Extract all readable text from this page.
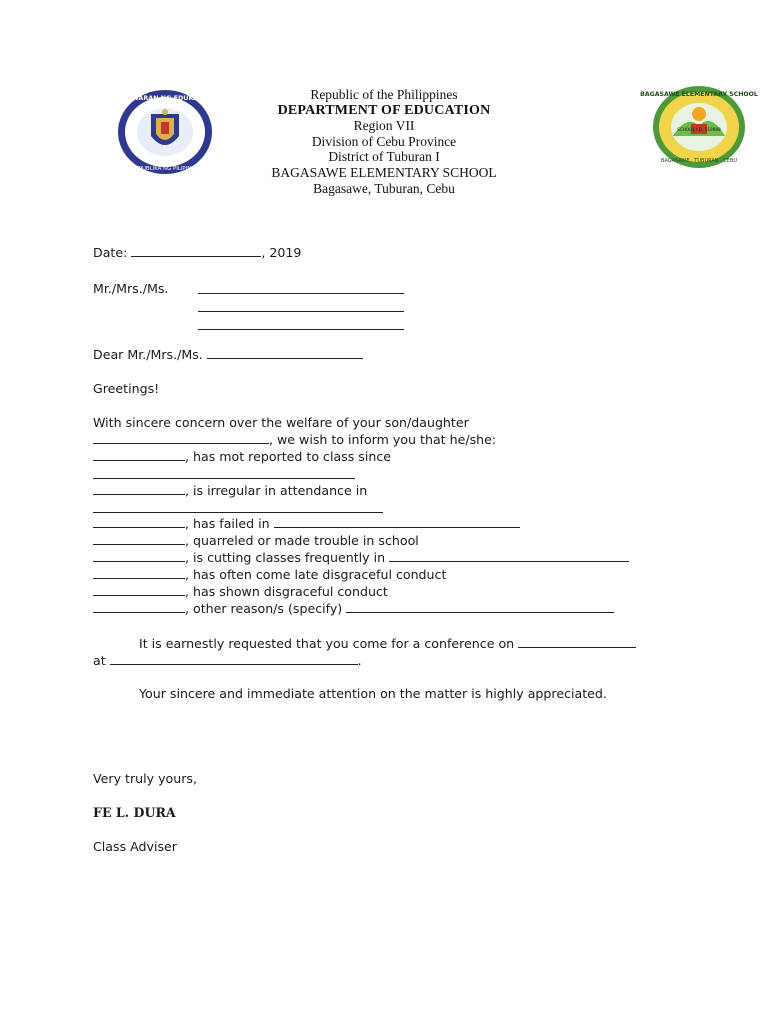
KAGAWARAN NG EDUKASYON
REPUBLIKA NG PILIPINAS
BAGASAWE ELEMENTARY SCHOOL
SCHOOL I.D. 119888
BAGASAWE , TUBURAN , CEBU
Republic of the Philippines
DEPARTMENT OF EDUCATION
Region VII
Division of Cebu Province
District of Tuburan I
BAGASAWE ELEMENTARY SCHOOL
Bagasawe, Tuburan, Cebu
Date:	, 2019
Mr./Mrs./Ms.
Dear Mr./Mrs./Ms.
Greetings!
With sincere concern over the welfare of your son/daughter
, we wish to inform you that he/she:
, has mot reported to class since
, is irregular in attendance in
, has failed in
, quarreled or made trouble in school
, is cutting classes frequently in
, has often come late disgraceful conduct
, has shown disgraceful conduct
, other reason/s (specify)
It is earnestly requested that you come for a conference on
at	.
Your sincere and immediate attention on the matter is highly appreciated.
Very truly yours,
FE L. DURA
Class Adviser
